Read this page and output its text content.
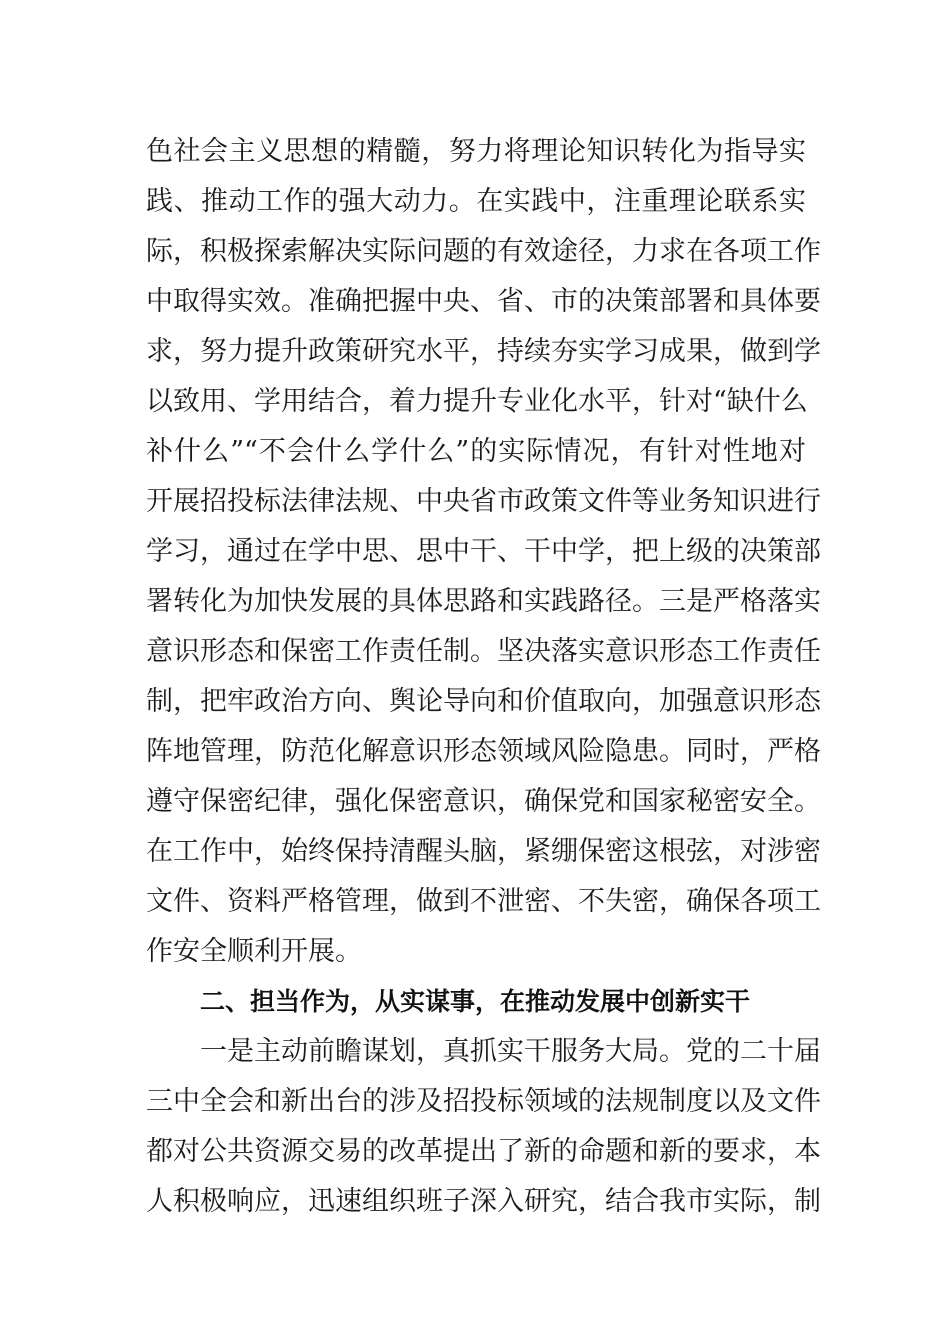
色社会主义思想的精髓，努力将理论知识转化为指导实
践、推动工作的强大动力。在实践中，注重理论联系实
际，积极探索解决实际问题的有效途径，力求在各项工作
中取得实效。准确把握中央、省、市的决策部署和具体要
求，努力提升政策研究水平，持续夯实学习成果，做到学
以致用、学用结合，着力提升专业化水平，针对“缺什么
补什么”“不会什么学什么”的实际情况，有针对性地对
开展招投标法律法规、中央省市政策文件等业务知识进行
学习，通过在学中思、思中干、干中学，把上级的决策部
署转化为加快发展的具体思路和实践路径。三是严格落实
意识形态和保密工作责任制。坚决落实意识形态工作责任
制，把牢政治方向、舆论导向和价值取向，加强意识形态
阵地管理，防范化解意识形态领域风险隐患。同时，严格
遵守保密纪律，强化保密意识，确保党和国家秘密安全。
在工作中，始终保持清醒头脑，紧绷保密这根弦，对涉密
文件、资料严格管理，做到不泄密、不失密，确保各项工
作安全顺利开展。
二、担当作为，从实谋事，在推动发展中创新实干
一是主动前瞻谋划，真抓实干服务大局。党的二十届
三中全会和新出台的涉及招投标领域的法规制度以及文件
都对公共资源交易的改革提出了新的命题和新的要求，本
人积极响应，迅速组织班子深入研究，结合我市实际，制
